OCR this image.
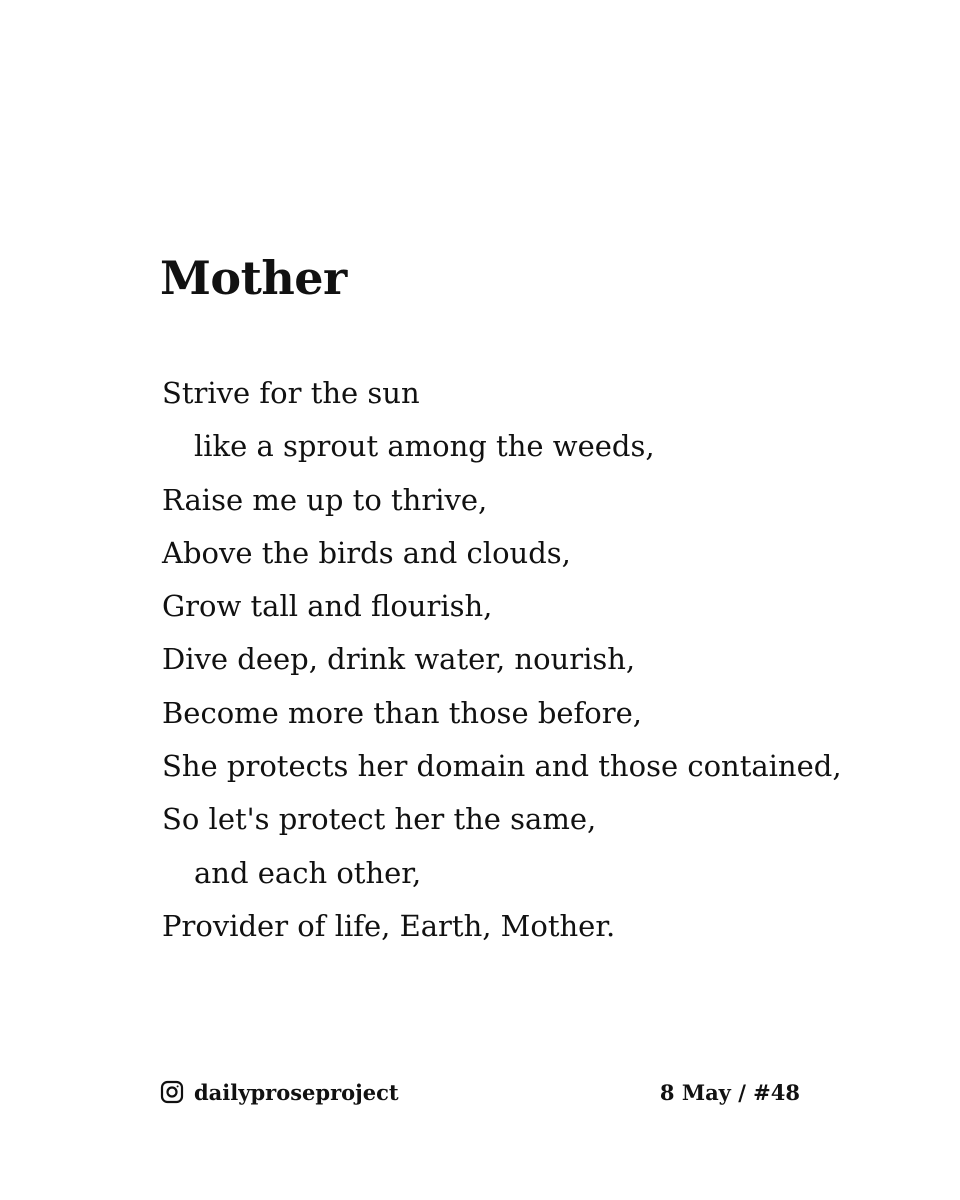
Mother
Strive for the sun
like a sprout among the weeds,
Raise me up to thrive,
Above the birds and clouds,
Grow tall and flourish,
Dive deep, drink water, nourish,
Become more than those before,
She protects her domain and those contained,
So let's protect her the same,
and each other,
Provider of life, Earth, Mother.
dailyproseproject	8 May / #48
